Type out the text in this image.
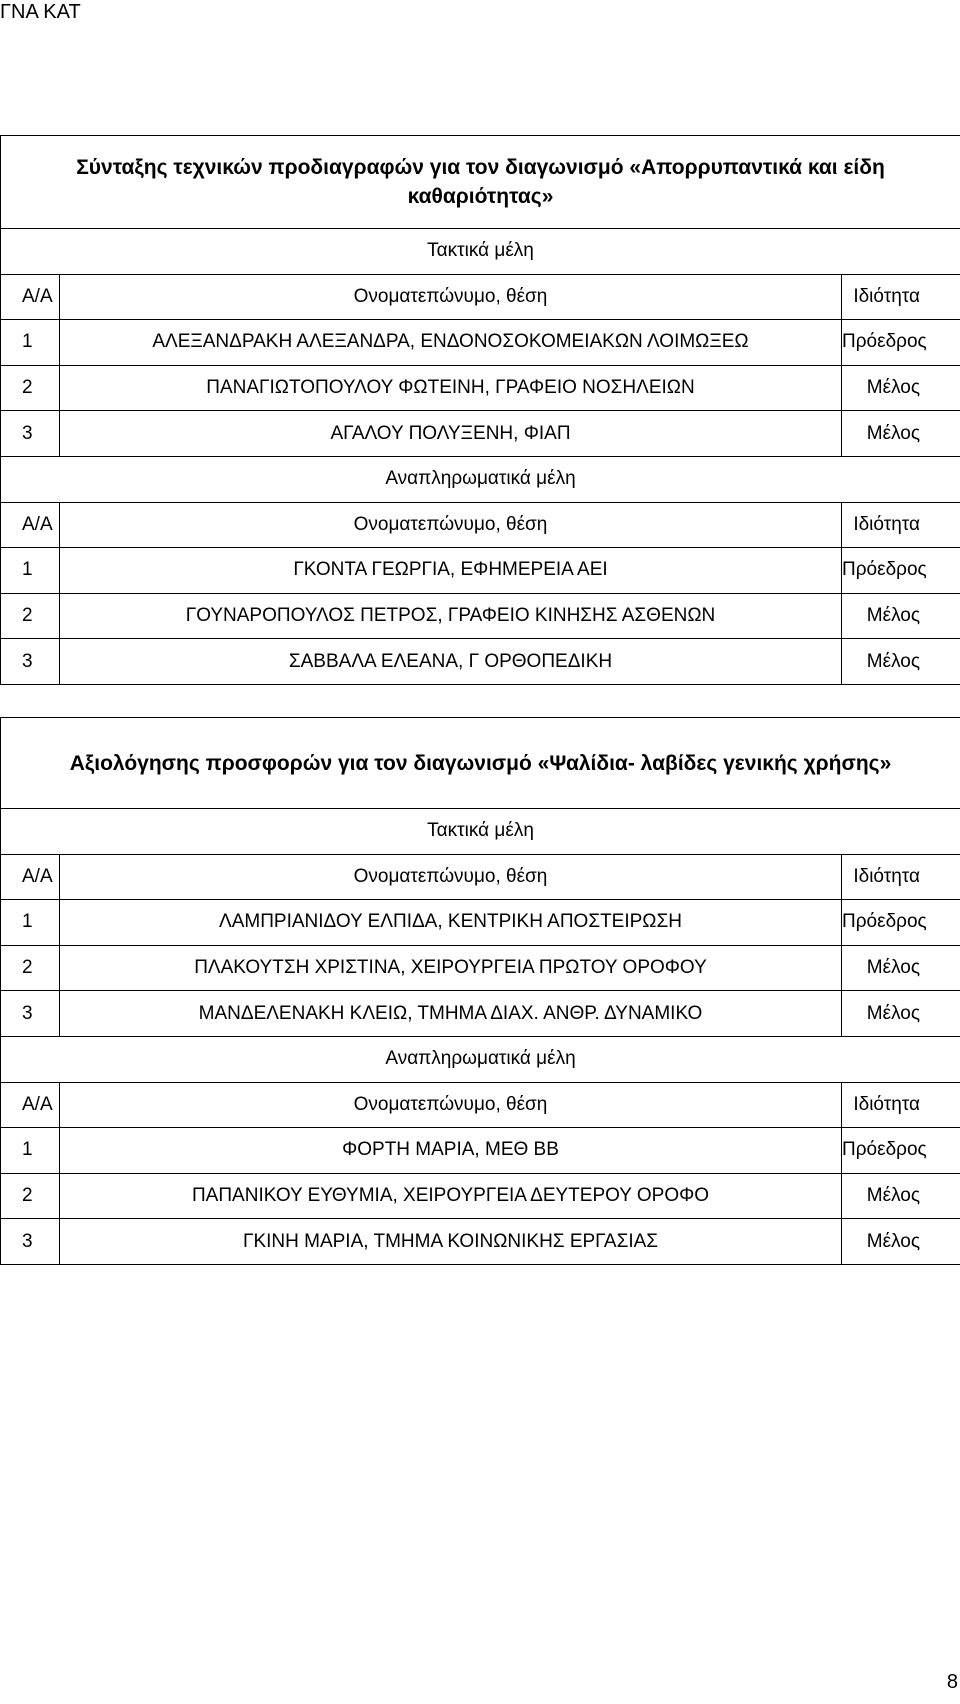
ΓΝΑ ΚΑΤ
Σύνταξης τεχνικών προδιαγραφών για τον διαγωνισμό «Απορρυπαντικά και είδη
καθαριότητας»		
Τακτικά μέλη		
Α/Α	Ονοματεπώνυμο, θέση	Ιδιότητα
1	ΑΛΕΞΑΝΔΡΑΚΗ ΑΛΕΞΑΝΔΡΑ, ΕΝΔΟΝΟΣΟΚΟΜΕΙΑΚΩΝ ΛΟΙΜΩΞΕΩ	Πρόεδρος
2	ΠΑΝΑΓΙΩΤΟΠΟΥΛΟΥ ΦΩΤΕΙΝΗ, ΓΡΑΦΕΙΟ ΝΟΣΗΛΕΙΩΝ	Μέλος
3	ΑΓΑΛΟΥ ΠΟΛΥΞΕΝΗ, ΦΙΑΠ	Μέλος
Αναπληρωματικά μέλη		
Α/Α	Ονοματεπώνυμο, θέση	Ιδιότητα
1	ΓΚΟΝΤΑ ΓΕΩΡΓΙΑ, ΕΦΗΜΕΡΕΙΑ ΑΕΙ	Πρόεδρος
2	ΓΟΥΝΑΡΟΠΟΥΛΟΣ ΠΕΤΡΟΣ, ΓΡΑΦΕΙΟ ΚΙΝΗΣΗΣ ΑΣΘΕΝΩΝ	Μέλος
3	ΣΑΒΒΑΛΑ ΕΛΕΑΝΑ, Γ ΟΡΘΟΠΕΔΙΚΗ	Μέλος
Αξιολόγησης προσφορών για τον διαγωνισμό «Ψαλίδια- λαβίδες γενικής χρήσης»		
Τακτικά μέλη		
Α/Α	Ονοματεπώνυμο, θέση	Ιδιότητα
1	ΛΑΜΠΡΙΑΝΙΔΟΥ ΕΛΠΙΔΑ, ΚΕΝΤΡΙΚΗ ΑΠΟΣΤΕΙΡΩΣΗ	Πρόεδρος
2	ΠΛΑΚΟΥΤΣΗ ΧΡΙΣΤΙΝΑ, ΧΕΙΡΟΥΡΓΕΙΑ ΠΡΩΤΟΥ ΟΡΟΦΟΥ	Μέλος
3	ΜΑΝΔΕΛΕΝΑΚΗ ΚΛΕΙΩ, ΤΜΗΜΑ ΔΙΑΧ. ΑΝΘΡ. ΔΥΝΑΜΙΚΟ	Μέλος
Αναπληρωματικά μέλη		
Α/Α	Ονοματεπώνυμο, θέση	Ιδιότητα
1	ΦΟΡΤΗ ΜΑΡΙΑ, ΜΕΘ ΒΒ	Πρόεδρος
2	ΠΑΠΑΝΙΚΟΥ ΕΥΘΥΜΙΑ, ΧΕΙΡΟΥΡΓΕΙΑ ΔΕΥΤΕΡΟΥ ΟΡΟΦΟ	Μέλος
3	ΓΚΙΝΗ ΜΑΡΙΑ, ΤΜΗΜΑ ΚΟΙΝΩΝΙΚΗΣ ΕΡΓΑΣΙΑΣ	Μέλος
8
